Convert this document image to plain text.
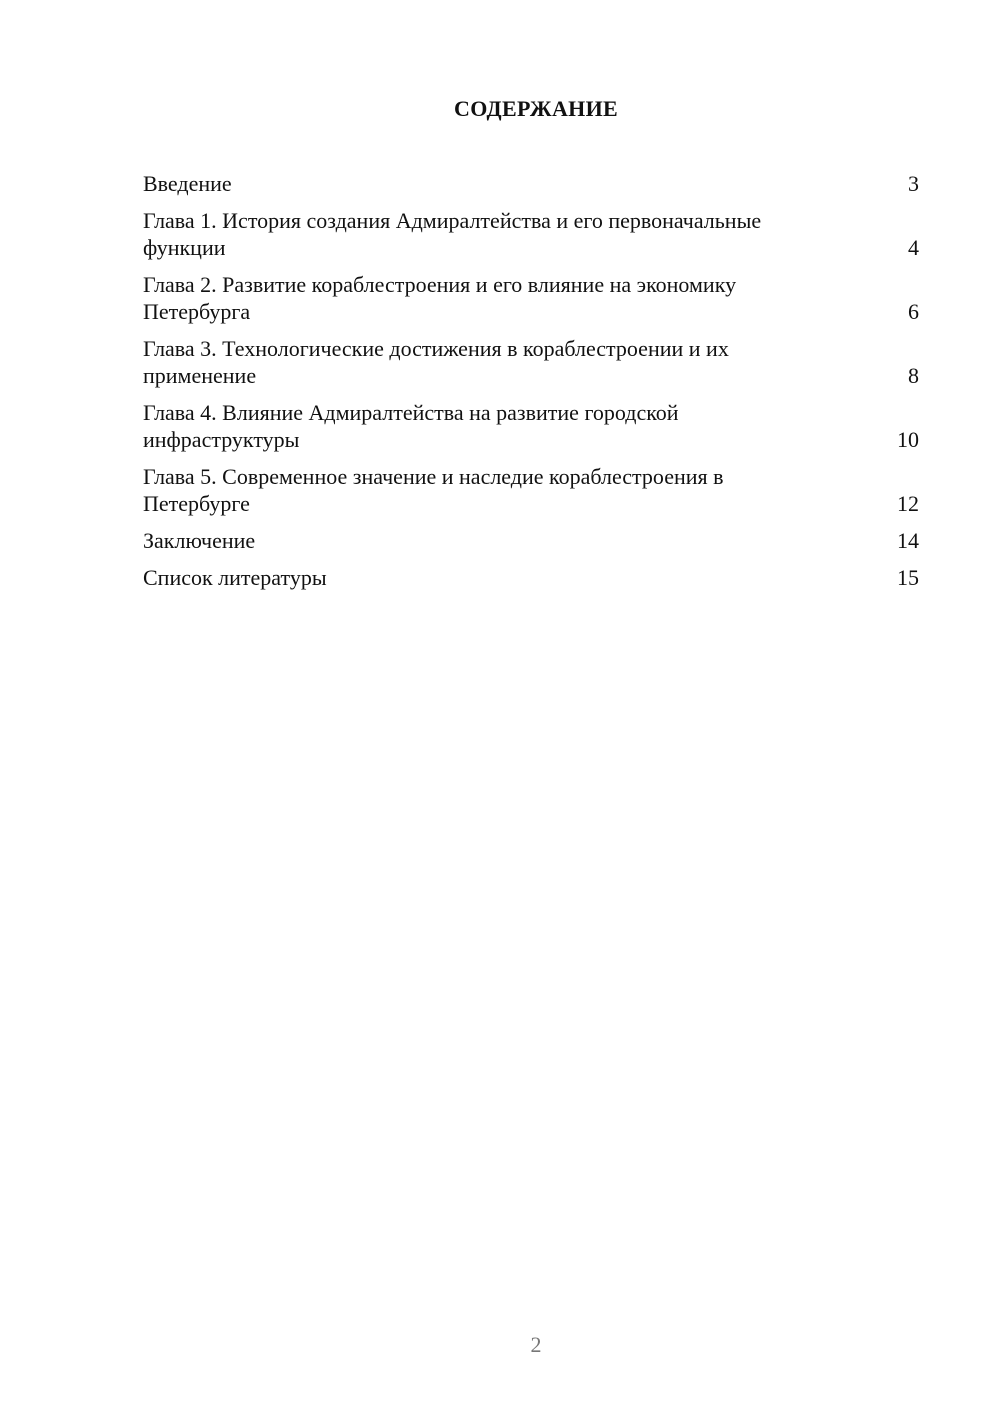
СОДЕРЖАНИЕ
Введение	3
Глава 1. История создания Адмиралтейства и его первоначальные функции	4
Глава 2. Развитие кораблестроения и его влияние на экономику Петербурга	6
Глава 3. Технологические достижения в кораблестроении и их применение	8
Глава 4. Влияние Адмиралтейства на развитие городской инфраструктуры	10
Глава 5. Современное значение и наследие кораблестроения в Петербурге	12
Заключение	14
Список литературы	15
2
